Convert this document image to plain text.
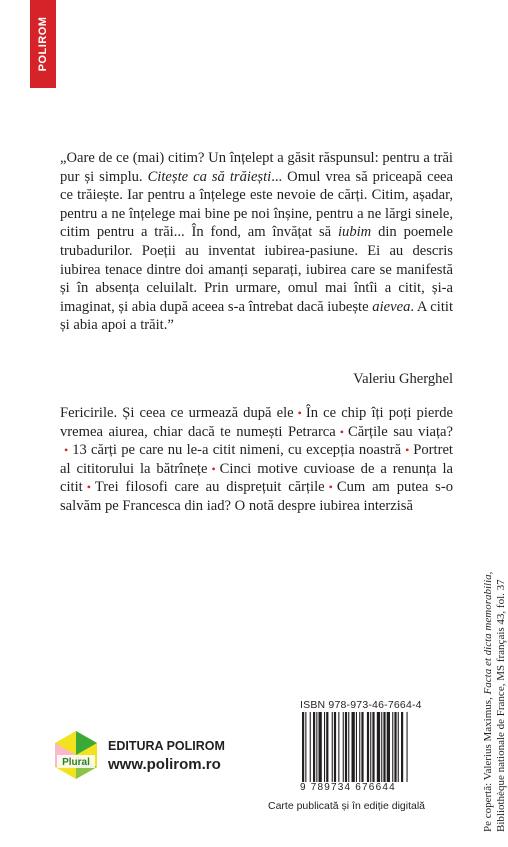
POLIROM

„Oare de ce (mai) citim? Un înțelept a găsit răspunsul: pentru a trăi pur și simplu. Citește ca să trăiești... Omul vrea să priceapă ceea ce trăiește. Iar pentru a înțelege este nevoie de cărți. Citim, așadar, pentru a ne înțelege mai bine pe noi înșine, pentru a ne lărgi sinele, citim pentru a trăi... În fond, am învățat să iubim din poemele trubadurilor. Poeții au inventat iubirea-pasiune. Ei au descris iubirea tenace dintre doi amanți separați, iubirea care se manifestă și în absența celuilalt. Prin urmare, omul mai întîi a citit, și-a imaginat, și abia după aceea s-a întrebat dacă iubește aievea. A citit și abia apoi a trăit.”

Valeriu Gherghel

Fericirile. Și ceea ce urmează după ele • În ce chip îți poți pierde vremea aiurea, chiar dacă te numești Petrarca • Cărțile sau viața?• 13 cărți pe care nu le-a citit nimeni, cu excepția noastră • Portret al cititorului la bătrînețe • Cinci motive cuvioase de a renunța la citit • Trei filosofi care au disprețuit cărțile • Cum am putea s-o salvăm pe Francesca din iad? O notă despre iubirea interzisă

Pe copertă: Valerius Maximus, Facta et dicta memorabilia,
Bibliothèque nationale de France, MS français 43, fol. 37
Plural
EDITURA POLIROM
www.polirom.ro
ISBN 978-973-46-7664-4
9 789734 676644
Carte publicată și în ediție digitală
